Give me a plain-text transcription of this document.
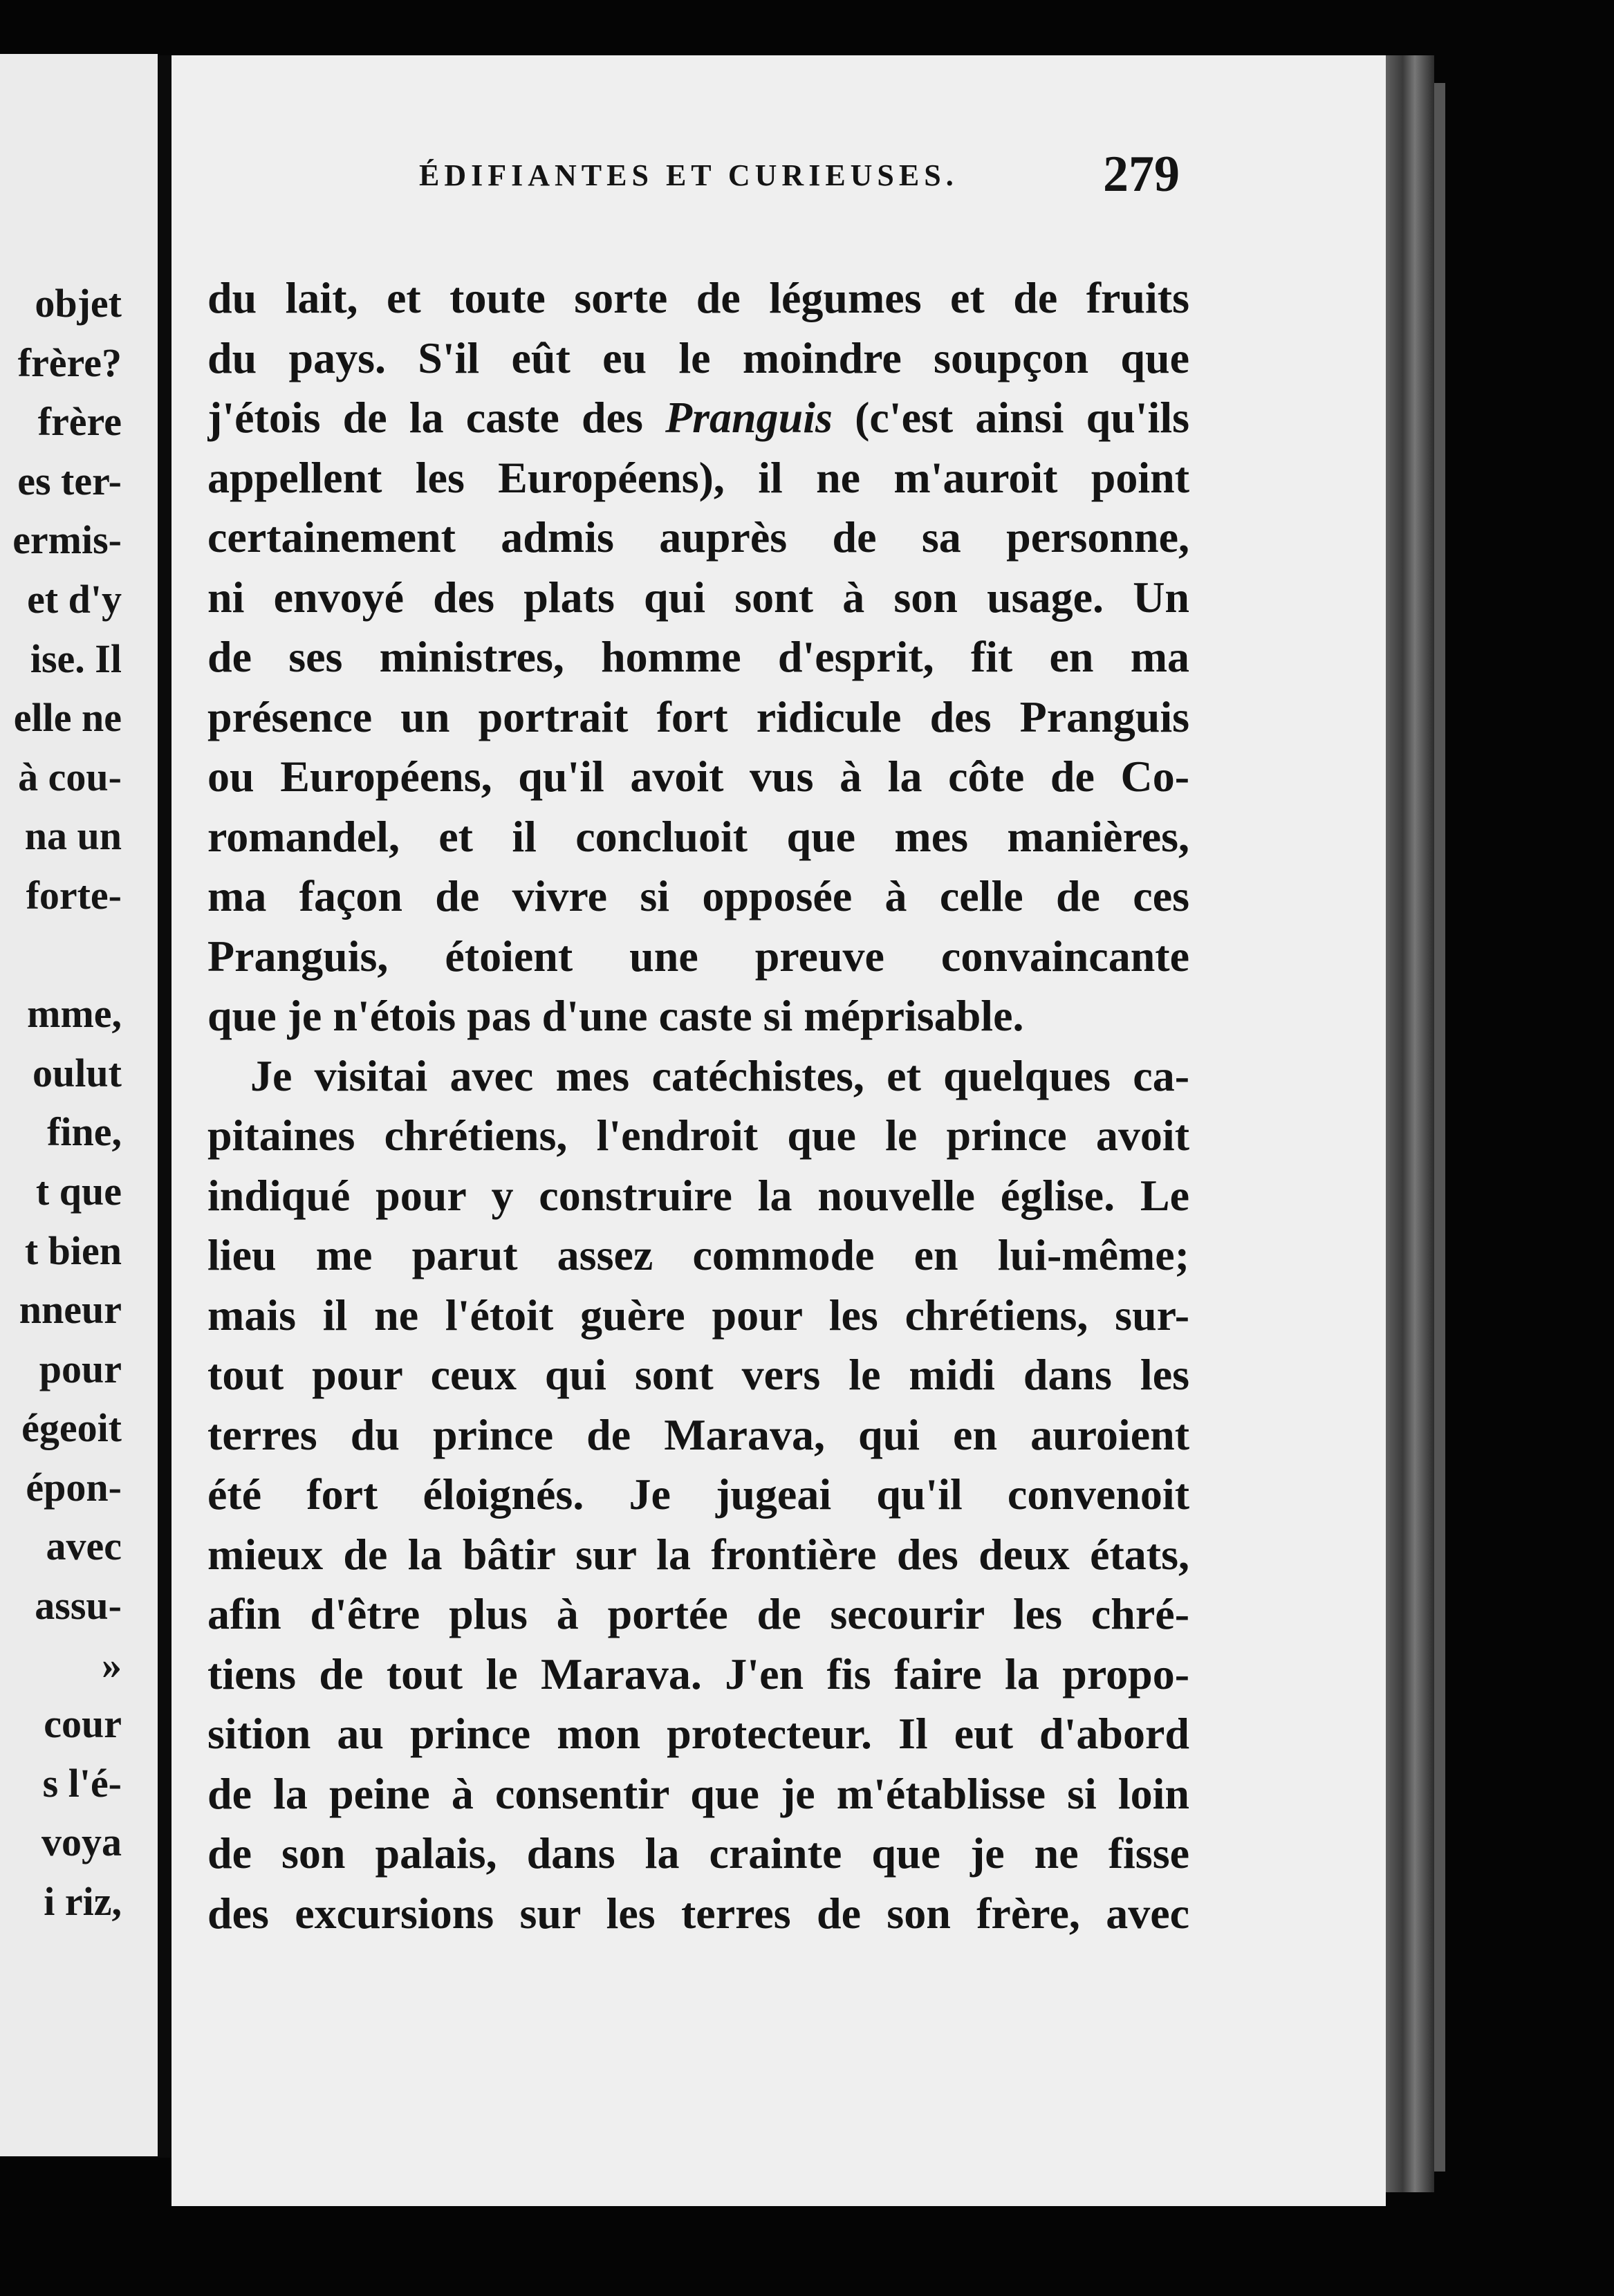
objet
frère?
frère
es ter-
ermis-
et d'y
ise. Il
elle ne
à cou-
na un
forte-
mme,
oulut
fine,
t que
t bien
nneur
pour
égeoit
épon-
avec
assu-
»
cour
s l'é-
voya
i riz,
ÉDIFIANTES ET CURIEUSES.	279
du lait, et toute sorte de légumes et de fruits
du pays. S'il eût eu le moindre soupçon que
j'étois de la caste des Pranguis (c'est ainsi qu'ils
appellent les Européens), il ne m'auroit point
certainement admis auprès de sa personne,
ni envoyé des plats qui sont à son usage. Un
de ses ministres, homme d'esprit, fit en ma
présence un portrait fort ridicule des Pranguis
ou Européens, qu'il avoit vus à la côte de Co-
romandel, et il concluoit que mes manières,
ma façon de vivre si opposée à celle de ces
Pranguis, étoient une preuve convaincante
que je n'étois pas d'une caste si méprisable.
Je visitai avec mes catéchistes, et quelques ca-
pitaines chrétiens, l'endroit que le prince avoit
indiqué pour y construire la nouvelle église. Le
lieu me parut assez commode en lui-même;
mais il ne l'étoit guère pour les chrétiens, sur-
tout pour ceux qui sont vers le midi dans les
terres du prince de Marava, qui en auroient
été fort éloignés. Je jugeai qu'il convenoit
mieux de la bâtir sur la frontière des deux états,
afin d'être plus à portée de secourir les chré-
tiens de tout le Marava. J'en fis faire la propo-
sition au prince mon protecteur. Il eut d'abord
de la peine à consentir que je m'établisse si loin
de son palais, dans la crainte que je ne fisse
des excursions sur les terres de son frère, avec
